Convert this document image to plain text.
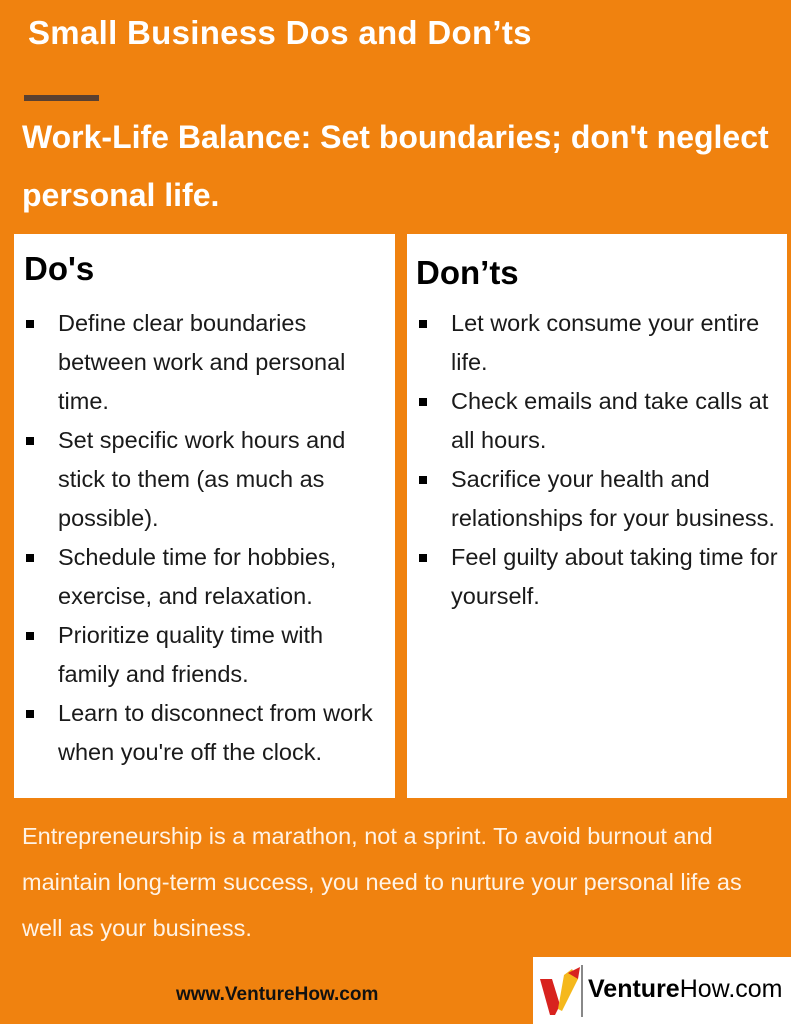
Small Business Dos and Don’ts

Work-Life Balance: Set boundaries; don't neglect personal life.

Do's
Define clear boundaries between work and personal time.
Set specific work hours and stick to them (as much as possible).
Schedule time for hobbies, exercise, and relaxation.
Prioritize quality time with family and friends.
Learn to disconnect from work when you're off the clock.
Don’ts
Let work consume your entire life.
Check emails and take calls at all hours.
Sacrifice your health and relationships for your business.
Feel guilty about taking time for yourself.

Entrepreneurship is a marathon, not a sprint. To avoid burnout and maintain long-term success, you need to nurture your personal life as well as your business.

www.VentureHow.com	VentureHow.com
